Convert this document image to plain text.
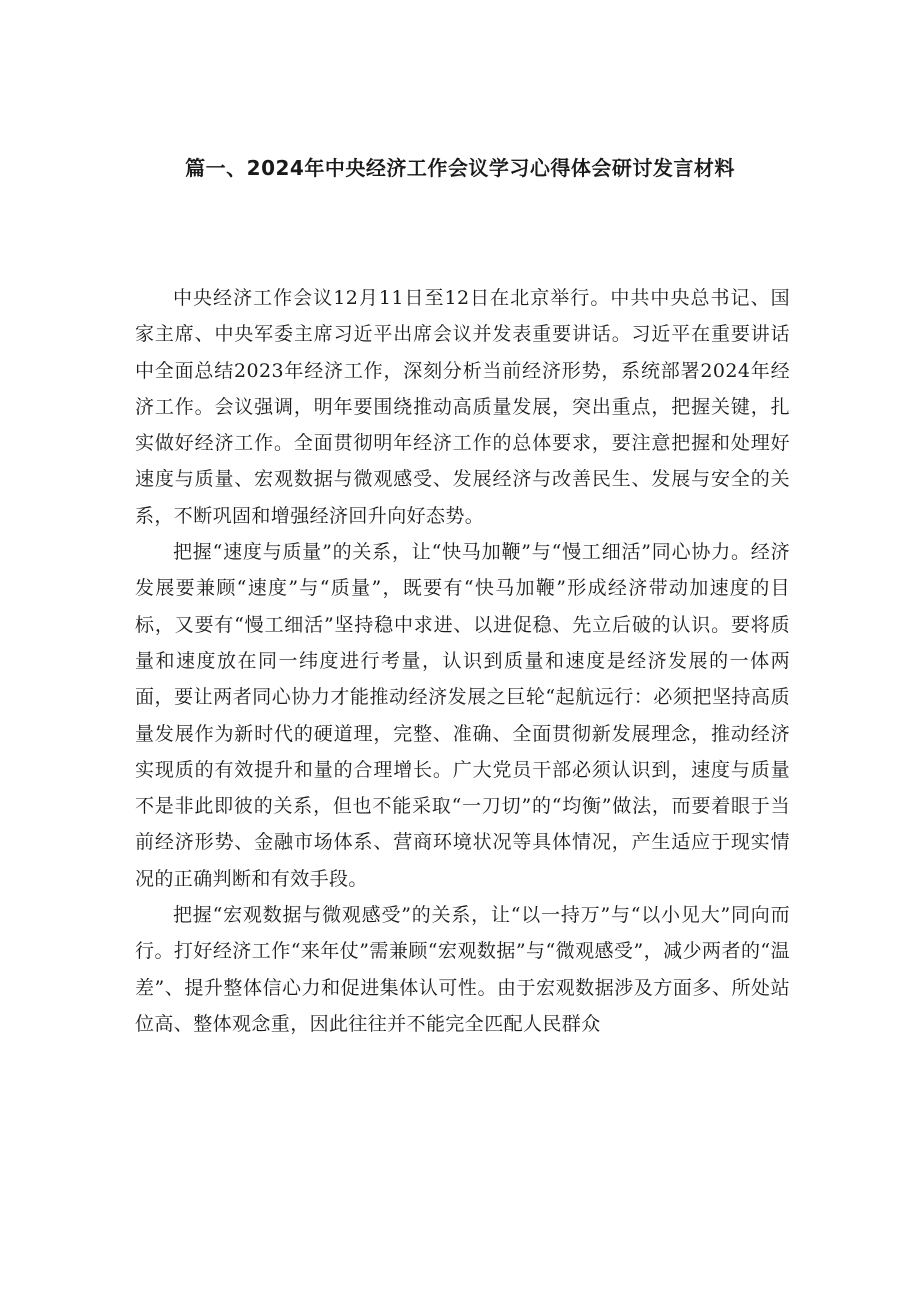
篇一、2024年中央经济工作会议学习心得体会研讨发言材料

中央经济工作会议12月11日至12日在北京举行。中共中央总书记、国家主席、中央军委主席习近平出席会议并发表重要讲话。习近平在重要讲话中全面总结2023年经济工作，深刻分析当前经济形势，系统部署2024年经济工作。会议强调，明年要围绕推动高质量发展，突出重点，把握关键，扎实做好经济工作。全面贯彻明年经济工作的总体要求，要注意把握和处理好速度与质量、宏观数据与微观感受、发展经济与改善民生、发展与安全的关系，不断巩固和增强经济回升向好态势。

把握“速度与质量”的关系，让“快马加鞭”与“慢工细活”同心协力。经济发展要兼顾“速度”与“质量”，既要有“快马加鞭”形成经济带动加速度的目标，又要有“慢工细活”坚持稳中求进、以进促稳、先立后破的认识。要将质量和速度放在同一纬度进行考量，认识到质量和速度是经济发展的一体两面，要让两者同心协力才能推动经济发展之巨轮“起航远行：必须把坚持高质量发展作为新时代的硬道理，完整、准确、全面贯彻新发展理念，推动经济实现质的有效提升和量的合理增长。广大党员干部必须认识到，速度与质量不是非此即彼的关系，但也不能采取“一刀切”的“均衡”做法，而要着眼于当前经济形势、金融市场体系、营商环境状况等具体情况，产生适应于现实情况的正确判断和有效手段。

把握“宏观数据与微观感受”的关系，让“以一持万”与“以小见大”同向而行。打好经济工作“来年仗”需兼顾“宏观数据”与“微观感受”，减少两者的“温差”、提升整体信心力和促进集体认可性。由于宏观数据涉及方面多、所处站位高、整体观念重，因此往往并不能完全匹配人民群众
